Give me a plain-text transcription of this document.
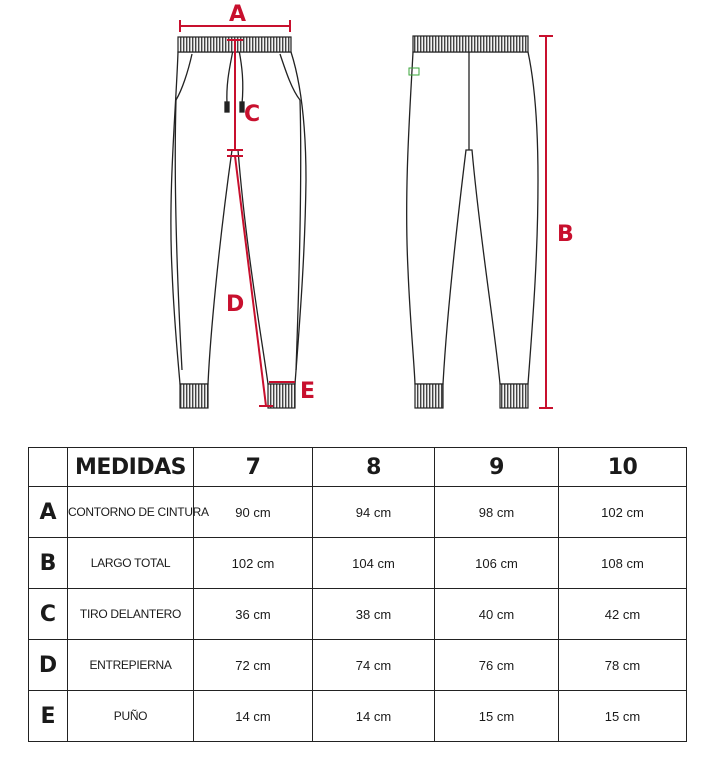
A
B
C
D
E
	MEDIDAS	7	8	9	10
A	CONTORNO DE CINTURA	90 cm	94 cm	98 cm	102 cm
B	LARGO TOTAL	102 cm	104 cm	106 cm	108 cm
C	TIRO DELANTERO	36 cm	38 cm	40 cm	42 cm
D	ENTREPIERNA	72 cm	74 cm	76 cm	78 cm
E	PUÑO	14 cm	14 cm	15 cm	15 cm
